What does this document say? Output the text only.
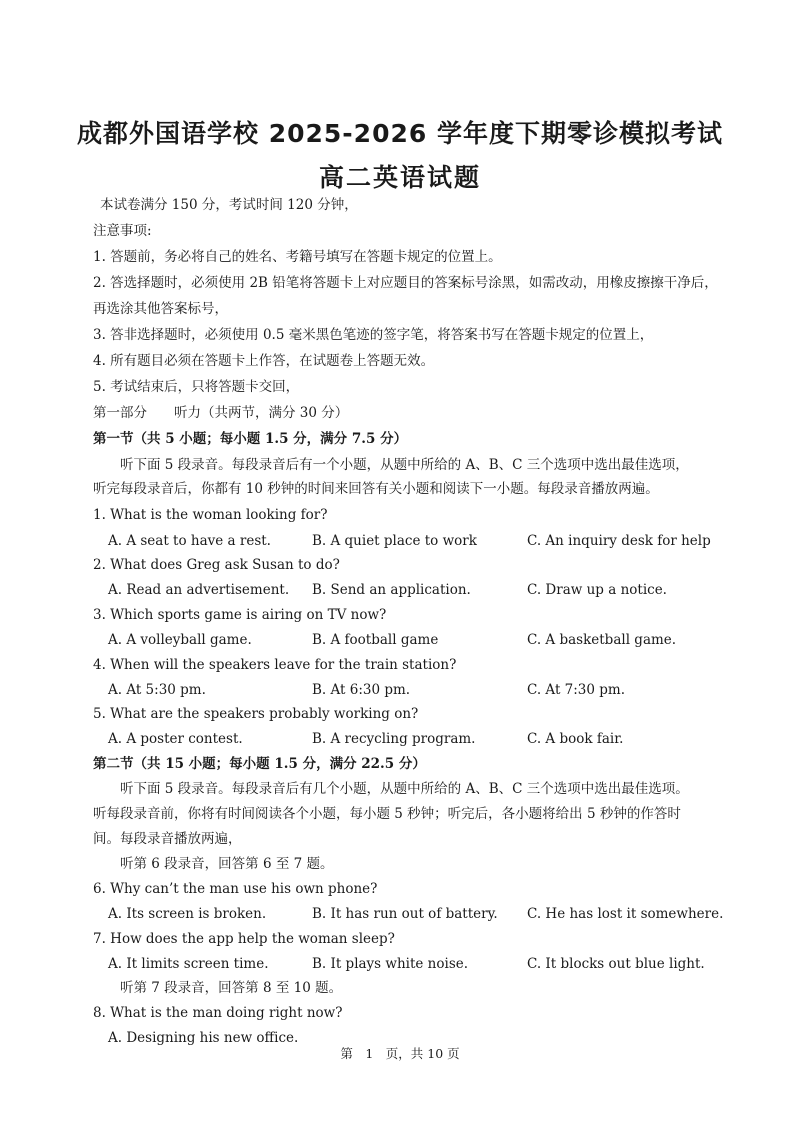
成都外国语学校 2025-2026 学年度下期零诊模拟考试
高二英语试题
本试卷满分 150 分，考试时间 120 分钟，
注意事项:
1. 答题前，务必将自己的姓名、考籍号填写在答题卡规定的位置上。
2. 答选择题时，必须使用 2B 铅笔将答题卡上对应题目的答案标号涂黑，如需改动，用橡皮擦擦干净后，
再选涂其他答案标号，
3. 答非选择题时，必须使用 0.5 毫米黑色笔迹的签字笔，将答案书写在答题卡规定的位置上，
4. 所有题目必须在答题卡上作答，在试题卷上答题无效。
5. 考试结束后，只将答题卡交回，
第一部分　　听力（共两节，满分 30 分）
第一节（共 5 小题；每小题 1.5 分，满分 7.5 分）
听下面 5 段录音。每段录音后有一个小题，从题中所给的 A、B、C 三个选项中选出最佳选项，
听完每段录音后，你都有 10 秒钟的时间来回答有关小题和阅读下一小题。每段录音播放两遍。
1. What is the woman looking for?
A. A seat to have a rest.	B. A quiet place to work	C. An inquiry desk for help
2. What does Greg ask Susan to do?
A. Read an advertisement. B. Send an application.	C. Draw up a notice.
3. Which sports game is airing on TV now?
A. A volleyball game.	B. A football game	C. A basketball game.
4. When will the speakers leave for the train station?
A. At 5:30 pm.	B. At 6:30 pm.	C. At 7:30 pm.
5. What are the speakers probably working on?
A. A poster contest.	B. A recycling program.	C. A book fair.
第二节（共 15 小题；每小题 1.5 分，满分 22.5 分）
听下面 5 段录音。每段录音后有几个小题，从题中所给的 A、B、C 三个选项中选出最佳选项。
听每段录音前，你将有时间阅读各个小题，每小题 5 秒钟；听完后，各小题将给出 5 秒钟的作答时
间。每段录音播放两遍，
听第 6 段录音，回答第 6 至 7 题。
6. Why can’t the man use his own phone?
A. Its screen is broken.	B. It has run out of battery. C. He has lost it somewhere.
7. How does the app help the woman sleep?
A. It limits screen time.	B. It plays white noise.	C. It blocks out blue light.
听第 7 段录音，回答第 8 至 10 题。
8. What is the man doing right now?
A. Designing his new office.
第　1　页，共 10 页
